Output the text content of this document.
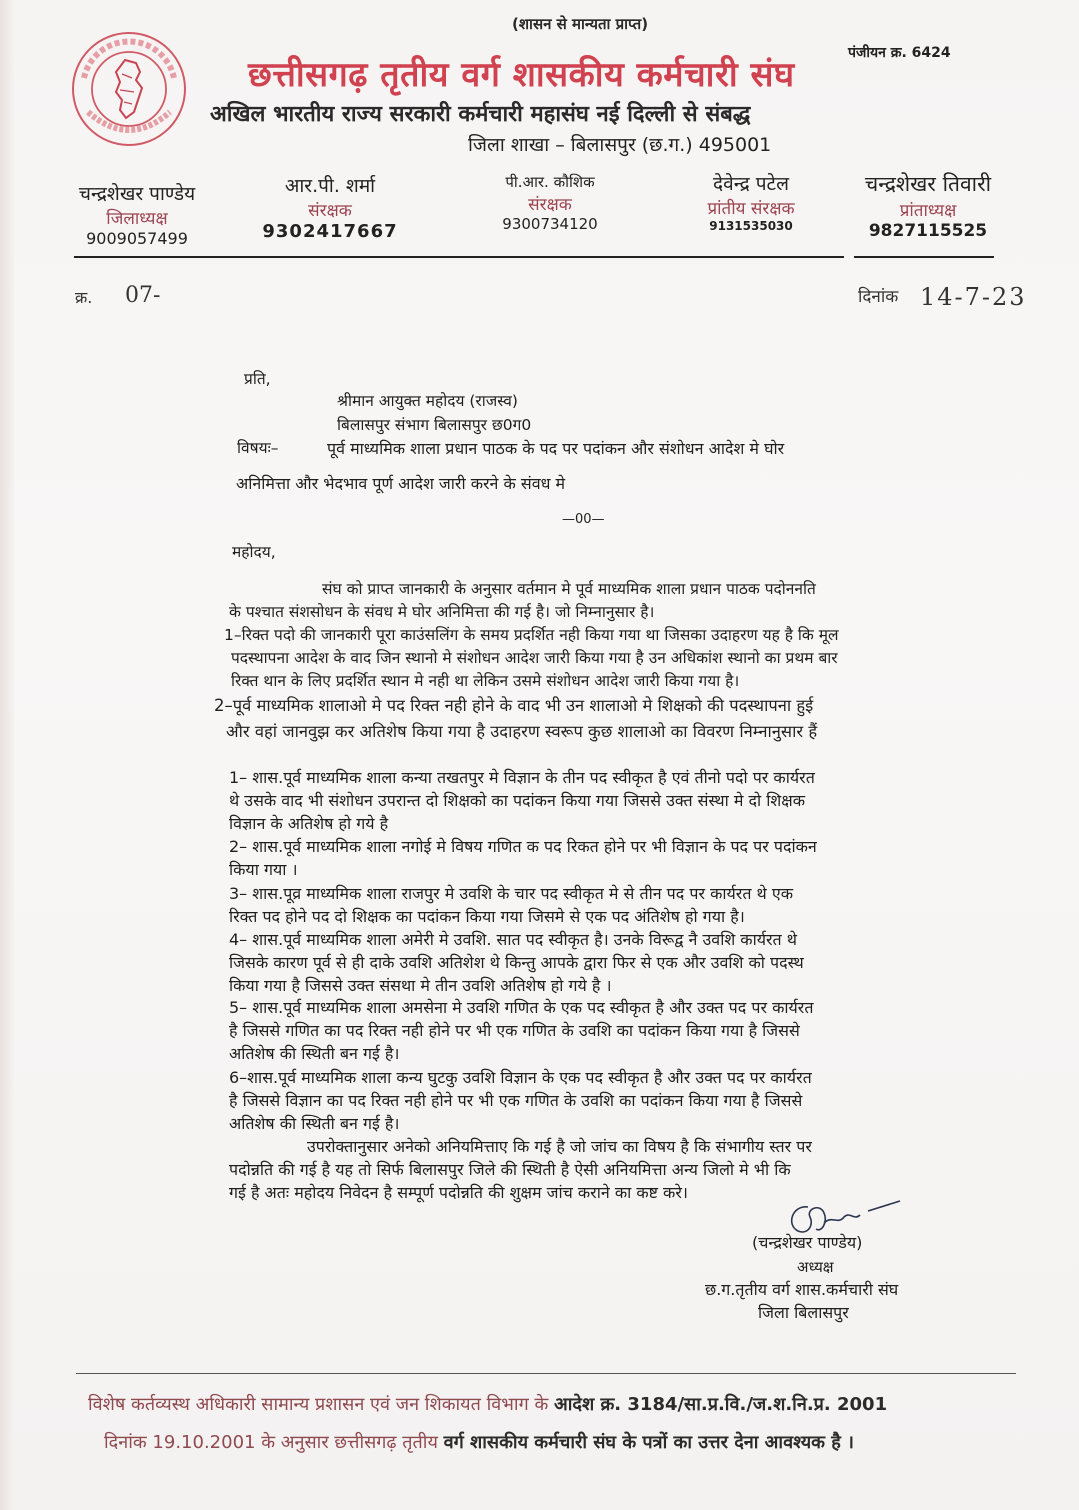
(शासन से मान्यता प्राप्त)
पंजीयन क्र. 6424
छत्तीसगढ़ तृतीय वर्ग शासकीय कर्मचारी संघ
अखिल भारतीय राज्य सरकारी कर्मचारी महासंघ नई दिल्ली से संबद्ध
जिला शाखा – बिलासपुर (छ.ग.) 495001
चन्द्रशेखर पाण्डेय
जिलाध्यक्ष
9009057499
आर.पी. शर्मा
संरक्षक
9302417667
पी.आर. कौशिक
संरक्षक
9300734120
देवेन्द्र पटेल
प्रांतीय संरक्षक
9131535030
चन्द्रशेखर तिवारी
प्रांताध्यक्ष
9827115525
क्र. 07-	दिनांक 14-7-23
प्रति,
श्रीमान आयुक्त महोदय (राजस्व)
बिलासपुर संभाग बिलासपुर छ0ग0
विषयः–	पूर्व माध्यमिक शाला प्रधान पाठक के पद पर पदांकन और संशोधन आदेश मे घोर
अनिमित्ता और भेदभाव पूर्ण आदेश जारी करने के संवध मे
—00—
महोदय,
संघ को प्राप्त जानकारी के अनुसार वर्तमान मे पूर्व माध्यमिक शाला प्रधान पाठक पदोननति
के पश्चात संशसोधन के संवध मे घोर अनिमित्ता की गई है। जो निम्नानुसार है।
1–रिक्त पदो की जानकारी पूरा काउंसलिंग के समय प्रदर्शित नही किया गया था जिसका उदाहरण यह है कि मूल
पदस्थापना आदेश के वाद जिन स्थानो मे संशोधन आदेश जारी किया गया है उन अधिकांश स्थानो का प्रथम बार
रिक्त थान के लिए प्रदर्शित स्थान मे नही था लेकिन उसमे संशोधन आदेश जारी किया गया है।
2–पूर्व माध्यमिक शालाओ मे पद रिक्त नही होने के वाद भी उन शालाओ मे शिक्षको की पदस्थापना हुई
और वहां जानवुझ कर अतिशेष किया गया है उदाहरण स्वरूप कुछ शालाओ का विवरण निम्नानुसार हैं
1– शास.पूर्व माध्यमिक शाला कन्या तखतपुर मे विज्ञान के तीन पद स्वीकृत है एवं तीनो पदो पर कार्यरत
थे उसके वाद भी संशोधन उपरान्त दो शिक्षको का पदांकन किया गया जिससे उक्त संस्था मे दो शिक्षक
विज्ञान के अतिशेष हो गये है
2– शास.पूर्व माध्यमिक शाला नगोई मे विषय गणित क पद रिकत होने पर भी विज्ञान के पद पर पदांकन
किया गया ।
3– शास.पूव्र माध्यमिक शाला राजपुर मे उवशि के चार पद स्वीकृत मे से तीन पद पर कार्यरत थे एक
रिक्त पद होने पद दो शिक्षक का पदांकन किया गया जिसमे से एक पद अंतिशेष हो गया है।
4– शास.पूर्व माध्यमिक शाला अमेरी मे उवशि. सात पद स्वीकृत है। उनके विरूद्व नै उवशि कार्यरत थे
जिसके कारण पूर्व से ही दाके उवशि अतिशेश थे किन्तु आपके द्वारा फिर से एक और उवशि को पदस्थ
किया गया है जिससे उक्त संसथा मे तीन उवशि अतिशेष हो गये है ।
5– शास.पूर्व माध्यमिक शाला अमसेना मे उवशि गणित के एक पद स्वीकृत है और उक्त पद पर कार्यरत
है जिससे गणित का पद रिक्त नही होने पर भी एक गणित के उवशि का पदांकन किया गया है जिससे
अतिशेष की स्थिती बन गई है।
6–शास.पूर्व माध्यमिक शाला कन्य घुटकु उवशि विज्ञान के एक पद स्वीकृत है और उक्त पद पर कार्यरत
है जिससे विज्ञान का पद रिक्त नही होने पर भी एक गणित के उवशि का पदांकन किया गया है जिससे
अतिशेष की स्थिती बन गई है।
उपरोक्तानुसार अनेको अनियमित्ताए कि गई है जो जांच का विषय है कि संभागीय स्तर पर
पदोन्नति की गई है यह तो सिर्फ बिलासपुर जिले की स्थिती है ऐसी अनियमित्ता अन्य जिलो मे भी कि
गई है अतः महोदय निवेदन है सम्पूर्ण पदोन्नति की शुक्षम जांच कराने का कष्ट करे।
(चन्द्रशेखर पाण्डेय)
अध्यक्ष
छ.ग.तृतीय वर्ग शास.कर्मचारी संघ
जिला बिलासपुर
विशेष कर्तव्यस्थ अधिकारी सामान्य प्रशासन एवं जन शिकायत विभाग के आदेश क्र. 3184/सा.प्र.वि./ज.श.नि.प्र. 2001
दिनांक 19.10.2001 के अनुसार छत्तीसगढ़ तृतीय वर्ग शासकीय कर्मचारी संघ के पत्रों का उत्तर देना आवश्यक है ।
